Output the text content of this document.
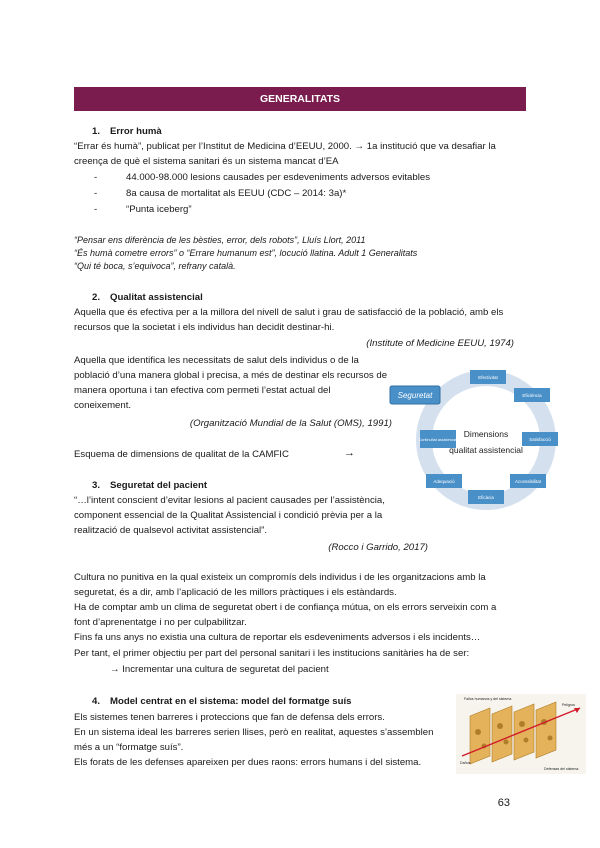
GENERALITATS
1. Error humà
“Errar és humà”, publicat per l’Institut de Medicina d’EEUU, 2000. → 1a institució que va desafiar la
creença de què el sistema sanitari és un sistema mancat d’EA
-	44.000-98.000 lesions causades per esdeveniments adversos evitables
-	8a causa de mortalitat als EEUU (CDC – 2014: 3a)*
-	“Punta iceberg”
“Pensar ens diferència de les bèsties, error, dels robots”, Lluís Llort, 2011
“És humà cometre errors” o “Errare humanum est”, locució llatina. Adult 1 Generalitats
“Qui té boca, s’equivoca”, refrany català.
2. Qualitat assistencial
Aquella que és efectiva per a la millora del nivell de salut i grau de satisfacció de la població, amb els
recursos que la societat i els individus han decidit destinar-hi.
(Institute of Medicine EEUU, 1974)
Aquella que identifica les necessitats de salut dels individus o de la
població d’una manera global i precisa, a més de destinar els recursos de
manera oportuna i tan efectiva com permeti l’estat actual del
coneixement.
(Organització Mundial de la Salut (OMS), 1991)
Esquema de dimensions de qualitat de la CAMFIC	→
Efectivitat
Eficiència
Satisfacció
Accessibilitat
Eficàcia
Adequació
Continuïtat assistencial
Seguretat
Dimensions
qualitat assistencial
3. Seguretat del pacient
“…l’intent conscient d’evitar lesions al pacient causades per l’assistència,
component essencial de la Qualitat Assistencial i condició prèvia per a la
realització de qualsevol activitat assistencial”.
(Rocco i Garrido, 2017)
Cultura no punitiva en la qual existeix un compromís dels individus i de les organitzacions amb la
seguretat, és a dir, amb l’aplicació de les millors pràctiques i els estàndards.
Ha de comptar amb un clima de seguretat obert i de confiança mútua, on els errors serveixin com a
font d’aprenentatge i no per culpabilitzar.
Fins fa uns anys no existia una cultura de reportar els esdeveniments adversos i els incidents…
Per tant, el primer objectiu per part del personal sanitari i les institucions sanitàries ha de ser:
→ Incrementar una cultura de seguretat del pacient
4. Model centrat en el sistema: model del formatge suís
Els sistemes tenen barreres i proteccions que fan de defensa dels errors.
En un sistema ideal les barreres serien llises, però en realitat, aquestes s’assemblen
més a un “formatge suís”.
Els forats de les defenses apareixen per dues raons: errors humans i del sistema.
Fallos humanos y del sistema
Peligros
Daños
Defensas del sistema
63
